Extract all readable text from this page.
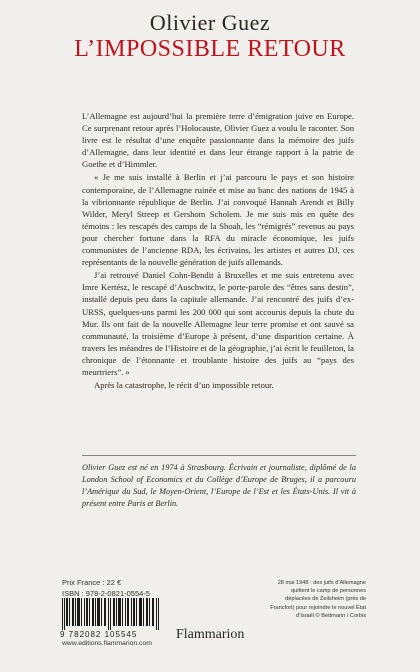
Olivier Guez
L’IMPOSSIBLE RETOUR

L’Allemagne est aujourd’hui la première terre d’émigration juive en Europe. Ce surprenant retour après l’Holocauste, Olivier Guez a voulu le raconter. Son livre est le résultat d’une enquête passionnante dans la mémoire des juifs d’Allemagne, dans leur identité et dans leur étrange rapport à la patrie de Goethe et d’Himmler.

« Je me suis installé à Berlin et j’ai parcouru le pays et son histoire contemporaine, de l’Allemagne ruinée et mise au banc des nations de 1945 à la vibrionnante république de Berlin. J’ai convoqué Hannah Arendt et Billy Wilder, Meryl Streep et Gershom Scholem. Je me suis mis en quête des témoins : les rescapés des camps de la Shoah, les “rémigrés” revenus au pays pour chercher fortune dans la RFA du miracle économique, les juifs communistes de l’ancienne RDA, les écrivains, les artistes et autres DJ, ces représentants de la nouvelle génération de juifs allemands.

J’ai retrouvé Daniel Cohn-Bendit à Bruxelles et me suis entretenu avec Imre Kertész, le rescapé d’Auschwitz, le porte-parole des “êtres sans destin”, installé depuis peu dans la capitale allemande. J’ai rencontré des juifs d’ex-URSS, quelques-uns parmi les 200 000 qui sont accourus depuis la chute du Mur. Ils ont fait de la nouvelle Allemagne leur terre promise et ont sauvé sa communauté, la troisième d’Europe à présent, d’une disparition certaine. À travers les méandres de l’Histoire et de la géographie, j’ai écrit le feuilleton, la chronique de l’étonnante et troublante histoire des juifs au “pays des meurtriers”. »

Après la catastrophe, le récit d’un impossible retour.

Olivier Guez est né en 1974 à Strasbourg. Écrivain et journaliste, diplômé de la London School of Economics et du Collège d’Europe de Bruges, il a parcouru l’Amérique du Sud, le Moyen-Orient, l’Europe de l’Est et les États-Unis. Il vit à présent entre Paris et Berlin.
Prix France : 22 €
ISBN : 978-2-0821-0554-5
9 782082 105545
www.editions.flammarion.com
Flammarion
28 mai 1948 : des juifs d’Allemagne quittent le camp de personnes déplacées de Zeilsheim (près de Francfort) pour rejoindre le nouvel État d’Israël © Bettmann / Corbis
